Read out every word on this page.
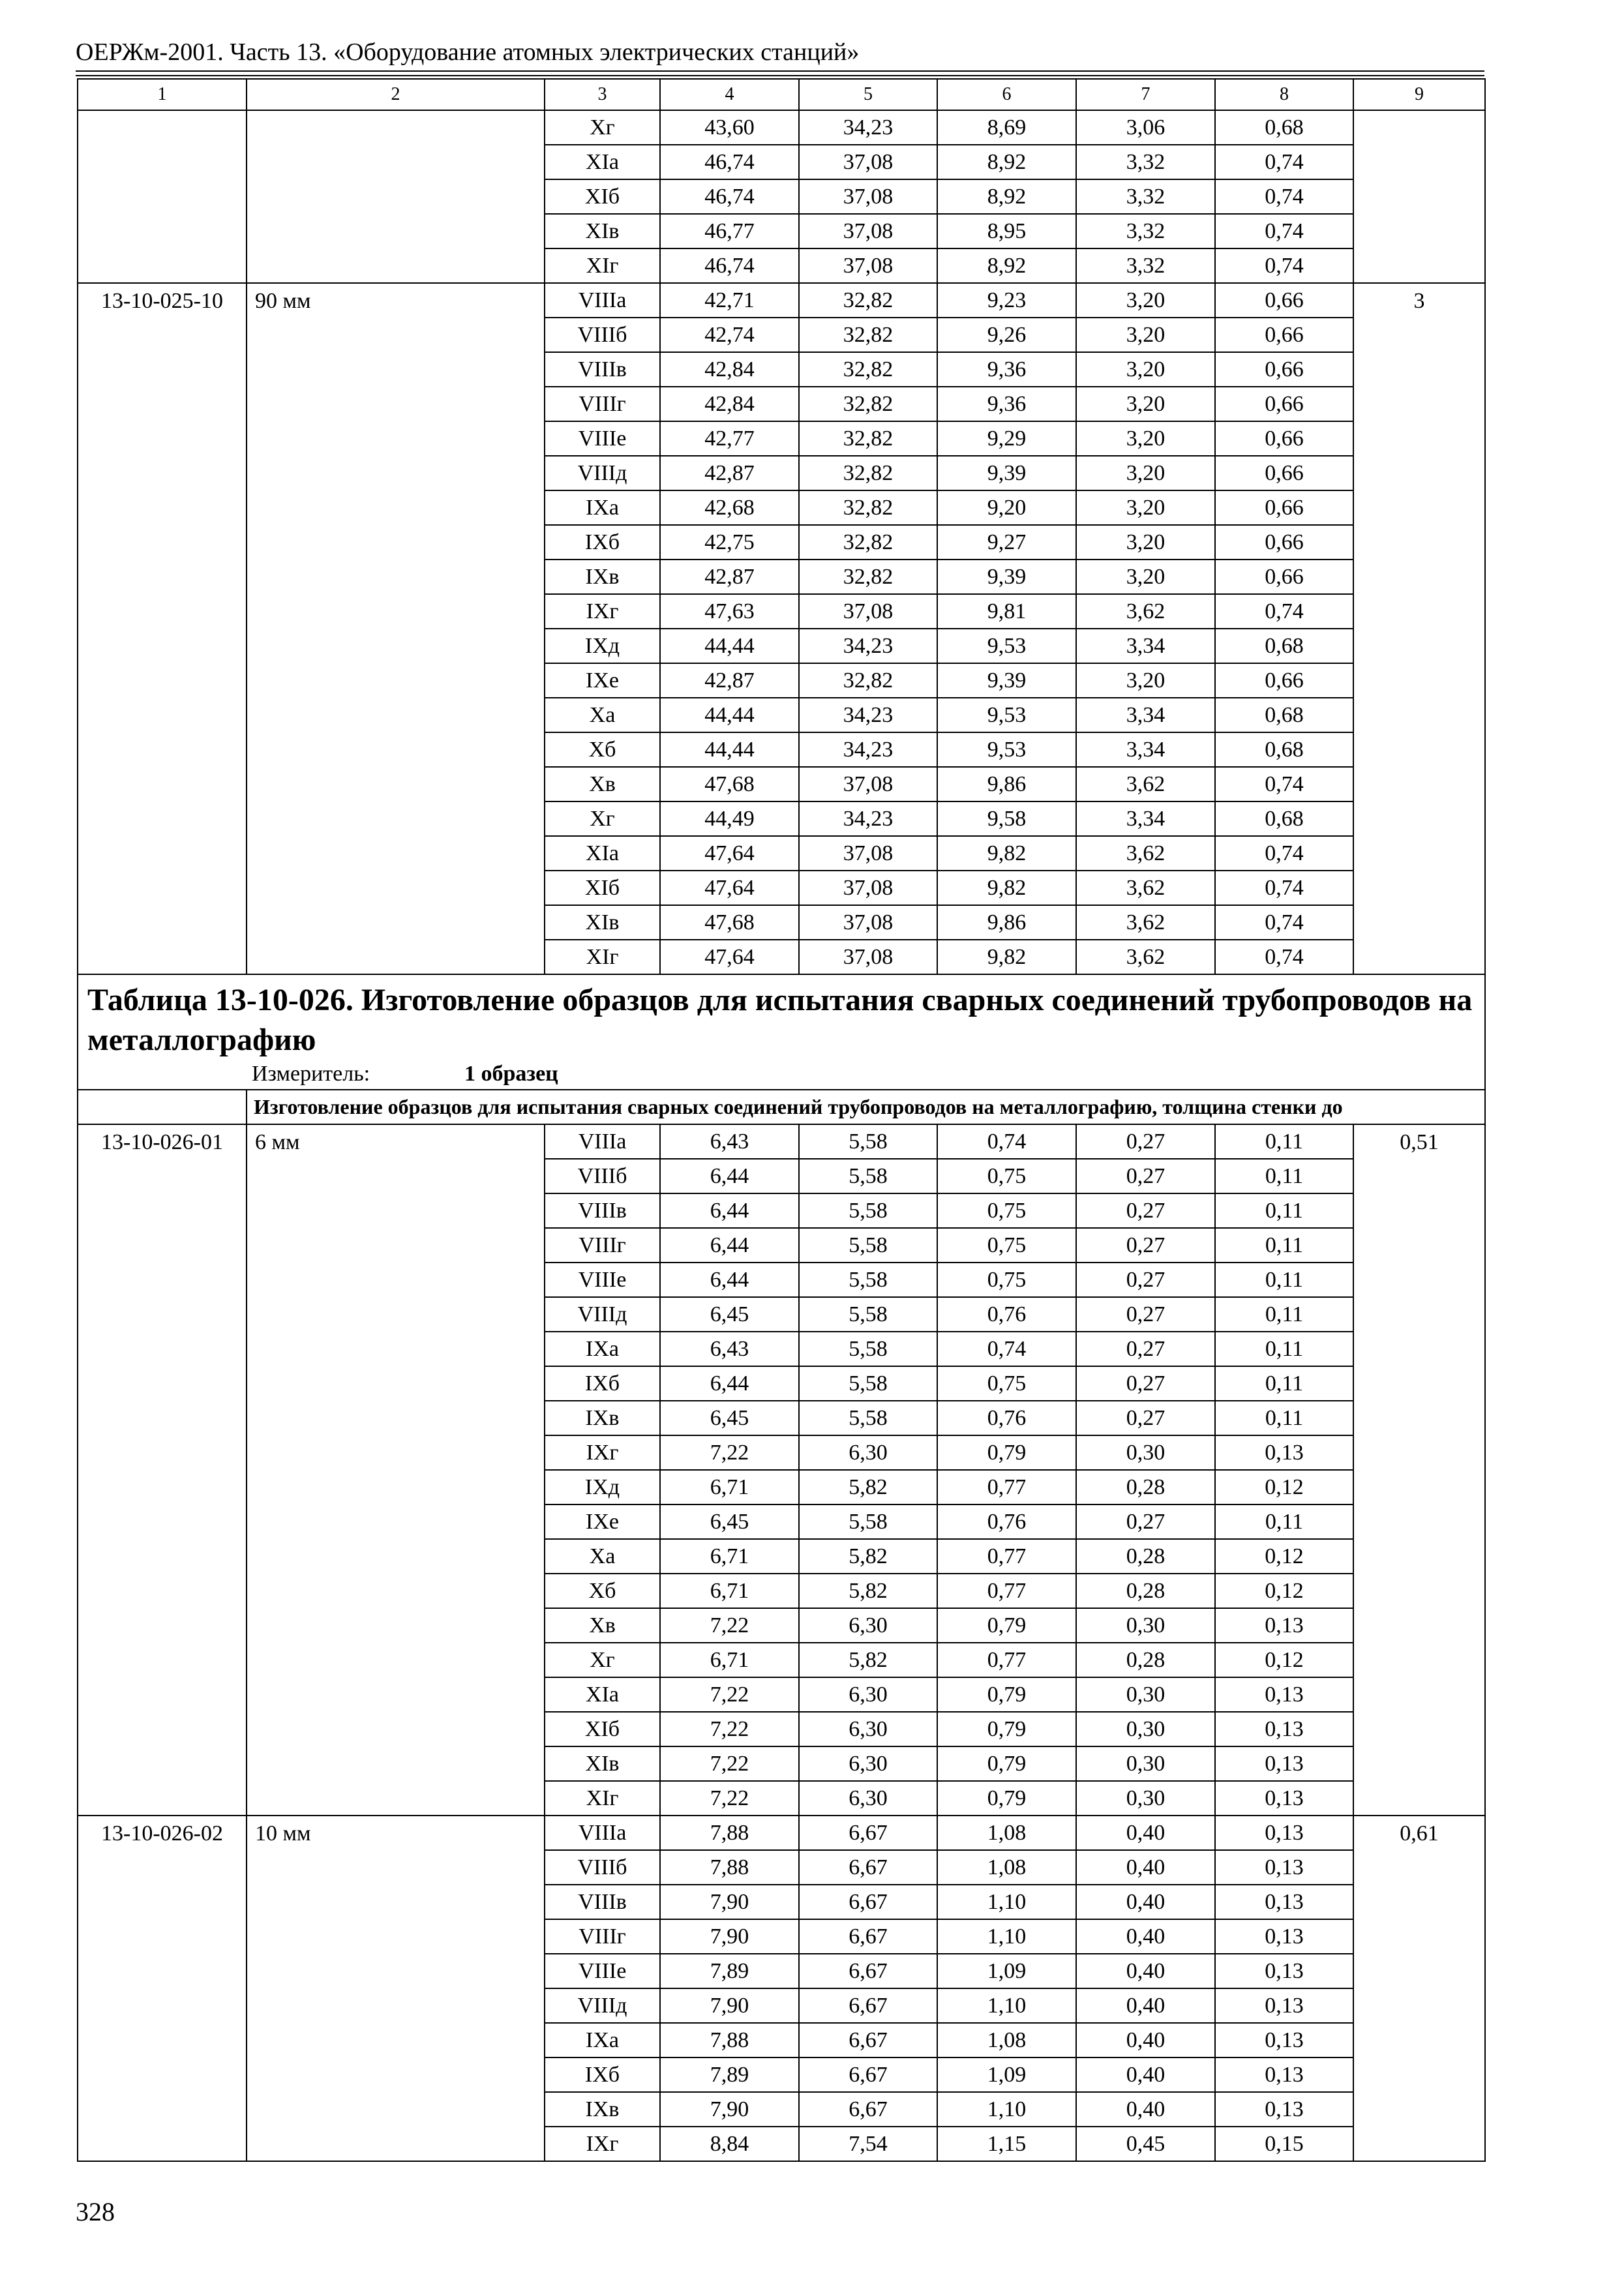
ОЕРЖм-2001. Часть 13. «Оборудование атомных электрических станций»
1	2	3	4	5	6	7	8	9
		Xг	43,60	34,23	8,69	3,06	0,68	
		XIа	46,74	37,08	8,92	3,32	0,74	
		XIб	46,74	37,08	8,92	3,32	0,74	
		XIв	46,77	37,08	8,95	3,32	0,74	
		XIг	46,74	37,08	8,92	3,32	0,74	
13-10-025-10	90 мм	VIIIа	42,71	32,82	9,23	3,20	0,66	3
		VIIIб	42,74	32,82	9,26	3,20	0,66	
		VIIIв	42,84	32,82	9,36	3,20	0,66	
		VIIIг	42,84	32,82	9,36	3,20	0,66	
		VIIIе	42,77	32,82	9,29	3,20	0,66	
		VIIIд	42,87	32,82	9,39	3,20	0,66	
		IXа	42,68	32,82	9,20	3,20	0,66	
		IXб	42,75	32,82	9,27	3,20	0,66	
		IXв	42,87	32,82	9,39	3,20	0,66	
		IXг	47,63	37,08	9,81	3,62	0,74	
		IXд	44,44	34,23	9,53	3,34	0,68	
		IXе	42,87	32,82	9,39	3,20	0,66	
		Xа	44,44	34,23	9,53	3,34	0,68	
		Xб	44,44	34,23	9,53	3,34	0,68	
		Xв	47,68	37,08	9,86	3,62	0,74	
		Xг	44,49	34,23	9,58	3,34	0,68	
		XIа	47,64	37,08	9,82	3,62	0,74	
		XIб	47,64	37,08	9,82	3,62	0,74	
		XIв	47,68	37,08	9,86	3,62	0,74	
		XIг	47,64	37,08	9,82	3,62	0,74	

Таблица 13-10-026. Изготовление образцов для испытания сварных соединений трубопроводов на металлографию
Измеритель: 1 образец								

	Изготовление образцов для испытания сварных соединений трубопроводов на металлографию, толщина стенки до							
13-10-026-01	6 мм	VIIIа	6,43	5,58	0,74	0,27	0,11	0,51
		VIIIб	6,44	5,58	0,75	0,27	0,11	
		VIIIв	6,44	5,58	0,75	0,27	0,11	
		VIIIг	6,44	5,58	0,75	0,27	0,11	
		VIIIе	6,44	5,58	0,75	0,27	0,11	
		VIIIд	6,45	5,58	0,76	0,27	0,11	
		IXа	6,43	5,58	0,74	0,27	0,11	
		IXб	6,44	5,58	0,75	0,27	0,11	
		IXв	6,45	5,58	0,76	0,27	0,11	
		IXг	7,22	6,30	0,79	0,30	0,13	
		IXд	6,71	5,82	0,77	0,28	0,12	
		IXе	6,45	5,58	0,76	0,27	0,11	
		Xа	6,71	5,82	0,77	0,28	0,12	
		Xб	6,71	5,82	0,77	0,28	0,12	
		Xв	7,22	6,30	0,79	0,30	0,13	
		Xг	6,71	5,82	0,77	0,28	0,12	
		XIа	7,22	6,30	0,79	0,30	0,13	
		XIб	7,22	6,30	0,79	0,30	0,13	
		XIв	7,22	6,30	0,79	0,30	0,13	
		XIг	7,22	6,30	0,79	0,30	0,13	
13-10-026-02	10 мм	VIIIа	7,88	6,67	1,08	0,40	0,13	0,61
		VIIIб	7,88	6,67	1,08	0,40	0,13	
		VIIIв	7,90	6,67	1,10	0,40	0,13	
		VIIIг	7,90	6,67	1,10	0,40	0,13	
		VIIIе	7,89	6,67	1,09	0,40	0,13	
		VIIIд	7,90	6,67	1,10	0,40	0,13	
		IXа	7,88	6,67	1,08	0,40	0,13	
		IXб	7,89	6,67	1,09	0,40	0,13	
		IXв	7,90	6,67	1,10	0,40	0,13	
		IXг	8,84	7,54	1,15	0,45	0,15	
328
